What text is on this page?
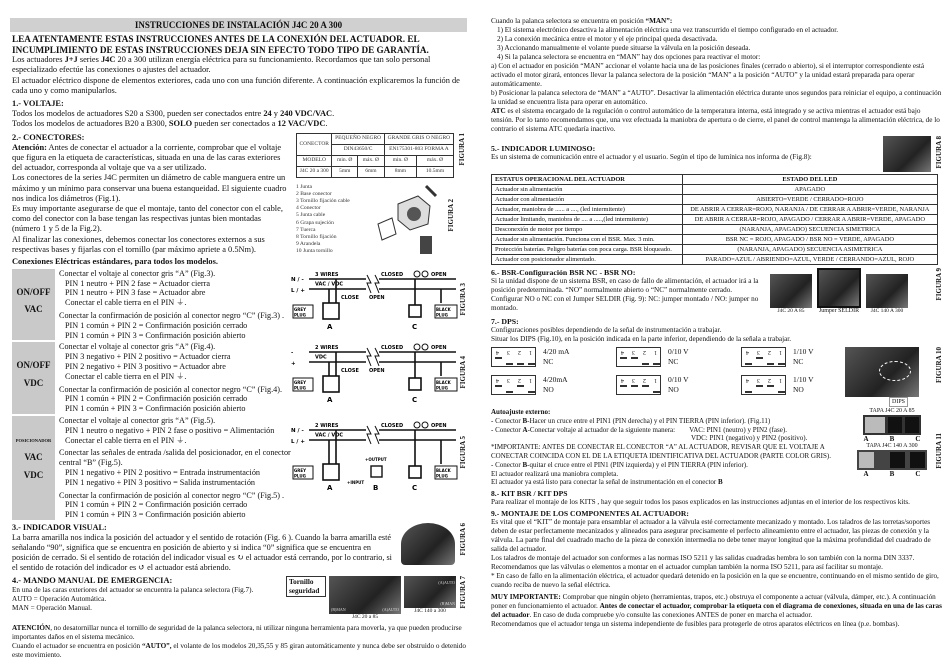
INSTRUCCIONES DE INSTALACIÓN J4C 20 A 300
LEA ATENTAMENTE ESTAS INSTRUCCIONES ANTES DE LA CONEXIÓN DEL ACTUADOR. EL INCUMPLIMIENTO DE ESTAS INSTRUCCIONES DEJA SIN EFECTO TODO TIPO DE GARANTÍA.
Los actuadores J+J series J4C 20 a 300 utilizan energía eléctrica para su funcionamiento. Recordamos que tan solo personal especializado efectúe las conexiones o ajustes del actuador.
El actuador eléctrico dispone de elementos exteriores, cada uno con una función diferente. A continuación explicaremos la función de cada uno y como manipularlos.
1.- VOLTAJE:
Todos los modelos de actuadores S20 a S300, pueden ser conectados entre 24 y 240 VDC/VAC.
Todos los modelos de actuadores B20 a B300, SOLO pueden ser conectados a 12 VAC/VDC.
2.- CONECTORES:
Atención: Antes de conectar el actuador a la corriente, comprobar que el voltaje que figura en la etiqueta de características, situada en una de las caras exteriores del actuador, corresponda al voltaje que va a ser utilizado.
Los conectores de la series J4C permiten un diámetro de cable manguera entre un máximo y un mínimo para conservar una buena estanqueidad. El siguiente cuadro nos indica los diámetros (Fig.1).
Es muy importante asegurarse de que el montaje, tanto del conector con el cable, como del conector con la base tengan las respectivas juntas bien montadas (número 1 y 5 de la Fig.2).
Al finalizar las conexiones, debemos conectar los conectores externos a sus respectivas bases y fijarlas con el tornillo (par máximo apriete a 0.5Nm).
CONECTOR	PEQUEÑO NEGRO		GRANDE GRIS O NEGRO	
	DIN43650/C		EN175301-803 FORMA A	
MODELO	min. Ø	máx. Ø	min. Ø	máx. Ø
J4C 20 a 300	5mm	6mm	8mm	10.5mm
FIGURA 1
1 Junta
2 Base conector
3 Tornillo fijación cable
4 Conector
5 Junta cable
6 Grapa sujeción
7 Tuerca
8 Tornillo fijación
9 Arandela
10 Junta tornillo
FIGURA 2
Conexiones Eléctricas estándares, para todos los modelos.
ON/OFF
VAC
Conectar el voltaje al conector gris “A” (Fig.3).
PIN 1 neutro + PIN 2 fase = Actuador cierra
PIN 1 neutro + PIN 3 fase = Actuador abre
Conectar el cable tierra en el PIN ⏚.
Conectar la confirmación de posición al conector negro “C” (Fig.3) .
PIN 1 común + PIN 2 = Confirmación posición cerrado
PIN 1 común + PIN 3 = Confirmación posición abierto
N / -
L / +
3 WIRES
VAC / VDC
CLOSED	OPEN
GREY
PLUG
BLACK
PLUG
A	C
CLOSE OPEN	FIGURA 3
ON/OFF
VDC
Conectar el voltaje al conector gris “A” (Fig.4).
PIN 3 negativo + PIN 2 positivo = Actuador cierra
PIN 2 negativo + PIN 3 positivo = Actuador abre
Conectar el cable tierra en el PIN ⏚.
Conectar la confirmación de posición al conector negro “C” (Fig.4).
PIN 1 común + PIN 2 = Confirmación posición cerrado
PIN 1 común + PIN 3 = Confirmación posición abierto
-
+
2 WIRES
VDC
CLOSED	OPEN
GREY
PLUG
BLACK
PLUG
A	C
CLOSE OPEN	FIGURA 4
POSICIONADOR
VAC
VDC
Conectar el voltaje al conector gris “A” (Fig.5).
PIN 1 neutro o negativo + PIN 2 fase o positivo = Alimentación
Conectar el cable tierra en el PIN ⏚.
Conectar las señales de entrada /salida del posicionador, en el conector central “B” (Fig.5).
PIN 1 negativo + PIN 2 positivo = Entrada instrumentación
PIN 1 negativo + PIN 3 positivo = Salida instrumentación
Conectar la confirmación de posición al conector negro “C” (Fig.5) .
PIN 1 común + PIN 2 = Confirmación posición cerrado
PIN 1 común + PIN 3 = Confirmación posición abierto
N / -
L / +
2 WIRES
VAC / VDC
CLOSED	OPEN
GREY
PLUG
BLACK
PLUG
A	C
+OUTPUT
+INPUT
B
FIGURA 5
3.- INDICADOR VISUAL:
La barra amarilla nos indica la posición del actuador y el sentido de rotación (Fig. 6 ). Cuando la barra amarilla esté señalando “90”, significa que se encuentra en posición de abierto y si indica “0” significa que se encuentra en posición de cerrado. Si el sentido de rotación del indicador visual es ↻ el actuador está cerrando, por lo contrario, si el sentido de rotación del indicador es ↺ el actuador está abriendo.
FIGURA 6
4.- MANDO MANUAL DE EMERGENCIA:
En una de las caras exteriores del actuador se encuentra la palanca selectora (Fig.7).
AUTO = Operación Automática.
MAN = Operación Manual.
Tornillo seguridad
(B)MAN	(A)AUTO
J4C 20 a 85
(A)AUTO
(B)MAN
J4C 140 a 300
FIGURA 7
ATENCIÓN, no desatornillar nunca el tornillo de seguridad de la palanca selectora, ni utilizar ninguna herramienta para moverla, ya que pueden producirse importantes daños en el sistema mecánico.
Cuando el actuador se encuentra en posición “AUTO”, el volante de los modelos 20,35,55 y 85 giran automáticamente y nunca debe ser obstruido o detenido este movimiento.
Cuando la palanca selectora se encuentra en posición “MAN”:
1) El sistema electrónico desactiva la alimentación eléctrica una vez transcurrido el tiempo configurado en el actuador.
2) La conexión mecánica entre el motor y el eje principal queda desactivada.
3) Accionando manualmente el volante puede situarse la válvula en la posición deseada.
4) Si la palanca selectora se encuentra en “MAN” hay dos opciones para reactivar el motor:
a) Con el actuador en posición “MAN” accionar el volante hacia una de las posiciones finales (cerrado o abierto), si el interruptor correspondiente está activado el motor girará, entonces llevar la palanca selectora de la posición “MAN” a la posición “AUTO” y la unidad estará preparada para operar automáticamente.
b) Posicionar la palanca selectora de “MAN” a “AUTO”. Desactivar la alimentación eléctrica durante unos segundos para reiniciar el equipo, a continuación la unidad se encuentra lista para operar en automático.
ATC es el sistema encargado de la regulación o control automático de la temperatura interna, está integrado y se activa mientras el actuador está bajo tensión. Por lo tanto recomendamos que, una vez efectuada la maniobra de apertura o de cierre, el panel de control mantenga la alimentación eléctrica, de lo contrario el sistema ATC quedaría inactivo.
5.- INDICADOR LUMINOSO:
Es un sistema de comunicación entre el actuador y el usuario. Según el tipo de lumínica nos informa de (Fig.8):	FIGURA 8
ESTATUS OPERACIONAL DEL ACTUADOR	ESTADO DEL LED
Actuador sin alimentación	APAGADO
Actuador con alimentación	ABIERTO=VERDE / CERRADO=ROJO
Actuador, maniobra de ...... a ...., (led intermitente)	DE ABRIR A CERRAR=ROJO, NARANJA / DE CERRAR A ABRIR=VERDE, NARANJA
Actuador limitando, maniobra de .... a .....,(led intermitente)	DE ABRIR A CERRAR=ROJO, APAGADO / CERRAR A ABRIR=VERDE, APAGADO
Desconexión de motor por tiempo	(NARANJA, APAGADO) SECUENCIA SIMETRICA
Actuador sin alimentación. Funciona con el BSR. Max. 3 min.	BSR NC = ROJO, APAGADO / BSR NO = VERDE, APAGADO
Protección baterías. Peligro baterías con poca carga. BSR bloqueado.	(NARANJA, APAGADO) SECUENCIA ASIMETRICA
Actuador con posicionador alimentado.	PARADO=AZUL / ABRIENDO=AZUL, VERDE / CERRANDO=AZUL, ROJO
6.- BSR-Configuración BSR NC - BSR NO:
Si la unidad dispone de un sistema BSR, en caso de fallo de alimentación, el actuador irá a la posición predeterminada. “NO” normalmente abierto o “NC” normalmente cerrado.
Configurar NO o NC con el Jumper SELDIR (Fig. 9): NC: jumper montado / NO: jumper no montado.	J4C 20 A 85	Jumper SELDIR	J4C 140 A 300
FIGURA 9
7.- DPS:
Configuraciones posibles dependiendo de la señal de instrumentación a trabajar.
Situar los DIPS (Fig.10), en la posición indicada en la parte inferior, dependiendo de la señala a trabajar.
4 3 2 1 4/20 mA
NC
4 3 2 1 0/10 V
NC
4 3 2 1 1/10 V
NC
4 3 2 1 4/20mA
NO
4 3 2 1 0/10 V
NO
4 3 2 1 1/10 V
NO
DIPS
FIGURA 10
Autoajuste externo:
- Conector B-Hacer un cruce entre el PIN1 (PIN derecha) y el PIN TIERRA (PIN inferior). (Fig.11)
- Conector A-Conectar voltaje al actuador de la siguiente manera: VAC: PIN1 (neutro) y PIN2 (fase).
VDC: PIN1 (negativo) y PIN2 (positivo).
*IMPORTANTE: ANTES DE CONECTAR EL CONECTOR “A” AL ACTUADOR, REVISAR QUE EL VOLTAJE A CONECTAR COINCIDA CON EL DE LA ETIQUETA IDENTIFICATIVA DEL ACTUADOR (PARTE COLOR GRIS).
- Conector B-quitar el cruce entre el PIN1 (PIN izquierda) y el PIN TIERRA (PIN inferior).
El actuador realizará una maniobra completa.
El actuador ya está listo para conectar la señal de instrumentación en el conector B
TAPA J4C 20 A 85
A	B	C
TAPA J4C 140 A 300
A	B	C
FIGURA 11
8.- KIT BSR / KIT DPS
Para realizar el montaje de los KITS , hay que seguir todos los pasos explicados en las instrucciones adjuntas en el interior de los respectivos kits.
9.- MONTAJE DE LOS COMPONENTES AL ACTUADOR:
Es vital que el “KIT” de montaje para ensamblar el actuador a la válvula esté correctamente mecanizado y montado. Los taladros de las torretas/soportes deben de estar perfectamente mecanizados y alineados para asegurar precisamente el perfecto alineamiento entre el actuador, las piezas de conexión y la válvula. La parte final del cuadrado macho de la pieza de conexión intermedia no debe tener mayor longitud que la máxima profundidad del cuadrado de salida del actuador.
Los taladros de montaje del actuador son conformes a las normas ISO 5211 y las salidas cuadradas hembra lo son también con la norma DIN 3337.
Recomendamos que las válvulas o elementos a montar en el actuador cumplan también la norma ISO 5211, para así facilitar su montaje.
* En caso de fallo en la alimentación eléctrica, el actuador quedará detenido en la posición en la que se encuentre, continuando en el mismo sentido de giro, cuando reciba de nuevo la señal eléctrica.
MUY IMPORTANTE: Comprobar que ningún objeto (herramientas, trapos, etc.) obstruya el componente a actuar (válvula, dámper, etc.). A continuación poner en funcionamiento el actuador. Antes de conectar el actuador, comprobar la etiqueta con el diagrama de conexiones, situada en una de las caras del actuador. En caso de duda compruebe y/o consulte las conexiones ANTES de poner en marcha el actuador.
Recomendamos que el actuador tenga un sistema independiente de fusibles para protegerle de otros aparatos eléctricos en línea (p.e. bombas).
